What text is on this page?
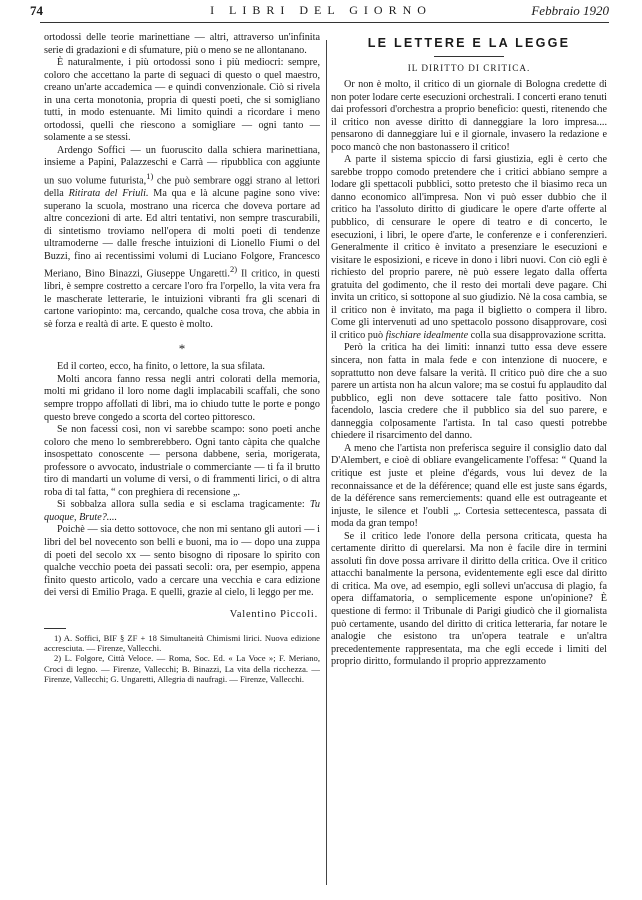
74	I LIBRI DEL GIORNO	Febbraio 1920

ortodossi delle teorie marinettiane — altri, attraverso un'infinita serie di gradazioni e di sfumature, più o meno se ne allontanano.

È naturalmente, i più ortodossi sono i più mediocri: sempre, coloro che accettano la parte di seguaci di questo o quel maestro, creano un'arte accademica — e quindi convenzionale. Ciò si rivela in una certa monotonia, propria di questi poeti, che si somigliano tutti, in modo estenuante. Mi limito quindi a ricordare i meno ortodossi, quelli che riescono a somigliare — ogni tanto — solamente a se stessi.

Ardengo Soffici — un fuoruscito dalla schiera marinettiana, insieme a Papini, Palazzeschi e Carrà — ripubblica con aggiunte un suo volume futurista,$^{1)}$ che può sembrare oggi strano al lettori della Ritirata del Friuli. Ma qua e là alcune pagine sono vive: superano la scuola, mostrano una ricerca che doveva portare ad altre concezioni di arte. Ed altri tentativi, non sempre trascurabili, di sintetismo troviamo nell'opera di molti poeti di tendenze ultramoderne — dalle fresche intuizioni di Lionello Fiumi o del Buzzi, fino ai recentissimi volumi di Luciano Folgore, Francesco Meriano, Bino Binazzi, Giuseppe Ungaretti.$^{2)}$ Il critico, in questi libri, è sempre costretto a cercare l'oro fra l'orpello, la vita vera fra le mascherate letterarie, le intuizioni vibranti fra gli scenari di cartone variopinto: ma, cercando, qualche cosa trova, che abbia in sè forza e realtà di arte. E questo è molto.

*

Ed il corteo, ecco, ha finito, o lettore, la sua sfilata.

Molti ancora fanno ressa negli antri colorati della memoria, molti mi gridano il loro nome dagli implacabili scaffali, che sono sempre troppo affollati di libri, ma io chiudo tutte le porte e pongo questo breve congedo a scorta del corteo pittoresco.

Se non facessi così, non vi sarebbe scampo: sono poeti anche coloro che meno lo sembrerebbero. Ogni tanto càpita che qualche insospettato conoscente — persona dabbene, seria, morigerata, professore o avvocato, industriale o commerciante — ti fa il brutto tiro di mandarti un volume di versi, o di frammenti lirici, o di altra roba di tal fatta, “ con preghiera di recensione „.

Si sobbalza allora sulla sedia e si esclama tragicamente: Tu quoque, Brute?....

Poichè — sia detto sottovoce, che non mi sentano gli autori — i libri del bel novecento son belli e buoni, ma io — dopo una zuppa di poeti del secolo xx — sento bisogno di riposare lo spirito con qualche vecchio poeta dei passati secoli: ora, per esempio, appena finito questo articolo, vado a cercare una vecchia e cara edizione dei versi di Emilio Praga. E quelli, grazie al cielo, li leggo per me.

Valentino Piccoli.

1) A. Soffici, BIF § ZF + 18 Simultaneità Chimismi lirici. Nuova edizione accresciuta. — Firenze, Vallecchi.

2) L. Folgore, Città Veloce. — Roma, Soc. Ed. « La Voce »; F. Meriano, Croci di legno. — Firenze, Vallecchi; B. Binazzi, La vita della ricchezza. — Firenze, Vallecchi; G. Ungaretti, Allegria di naufragi. — Firenze, Vallecchi.

LE LETTERE E LA LEGGE
IL DIRITTO DI CRITICA.

Or non è molto, il critico di un giornale di Bologna credette di non poter lodare certe esecuzioni orchestrali. I concerti erano tenuti dai professori d'orchestra a proprio beneficio: questi, ritenendo che il critico non avesse diritto di danneggiare la loro impresa.... pensarono di danneggiare lui e il giornale, invasero la redazione e poco mancò che non bastonassero il critico!

A parte il sistema spiccio di farsi giustizia, egli è certo che sarebbe troppo comodo pretendere che i critici abbiano sempre a lodare gli spettacoli pubblici, sotto pretesto che il biasimo reca un danno economico all'impresa. Non vi può esser dubbio che il critico ha l'assoluto diritto di giudicare le opere d'arte offerte al pubblico, di censurare le opere di teatro e di concerto, le esecuzioni, i libri, le opere d'arte, le conferenze e i conferenzieri. Generalmente il critico è invitato a presenziare le esecuzioni e visitare le esposizioni, e riceve in dono i libri nuovi. Con ciò egli è richiesto del proprio parere, nè può essere legato dalla offerta gratuita del godimento, che il resto dei mortali deve pagare. Chi invita un critico, si sottopone al suo giudizio. Nè la cosa cambia, se il critico non è invitato, ma paga il biglietto o compera il libro. Come gli intervenuti ad uno spettacolo possono disapprovare, così il critico può fischiare idealmente colla sua disapprovazione scritta.

Però la critica ha dei limiti: innanzi tutto essa deve essere sincera, non fatta in mala fede e con intenzione di nuocere, e soprattutto non deve falsare la verità. Il critico può dire che a suo parere un artista non ha alcun valore; ma se costui fu applaudito dal pubblico, egli non deve sottacere tale fatto positivo. Non facendolo, lascia credere che il pubblico sia del suo parere, e danneggia colposamente l'artista. In tal caso questi potrebbe chiedere il risarcimento del danno.

A meno che l'artista non preferisca seguire il consiglio dato dal D'Alembert, e cioè di obliare evangelicamente l'offesa: “ Quand la critique est juste et pleine d'égards, vous lui devez de la reconnaissance et de la déférence; quand elle est juste sans égards, de la déférence sans remerciements: quand elle est outrageante et injuste, le silence et l'oubli „. Cortesia settecentesca, passata di moda da gran tempo!

Se il critico lede l'onore della persona criticata, questa ha certamente diritto di querelarsi. Ma non è facile dire in termini assoluti fin dove possa arrivare il diritto della critica. Ove il critico attacchi banalmente la persona, evidentemente egli esce dal diritto di critica. Ma ove, ad esempio, egli sollevi un'accusa di plagio, fa opera diffamatoria, o semplicemente espone un'opinione? È questione di fermo: il Tribunale di Parigi giudicò che il giornalista può certamente, usando del diritto di critica letteraria, far notare le analogie che esistono tra un'opera teatrale e un'altra precedentemente rappresentata, ma che egli eccede i limiti del proprio diritto, formulando il proprio apprezzamento
